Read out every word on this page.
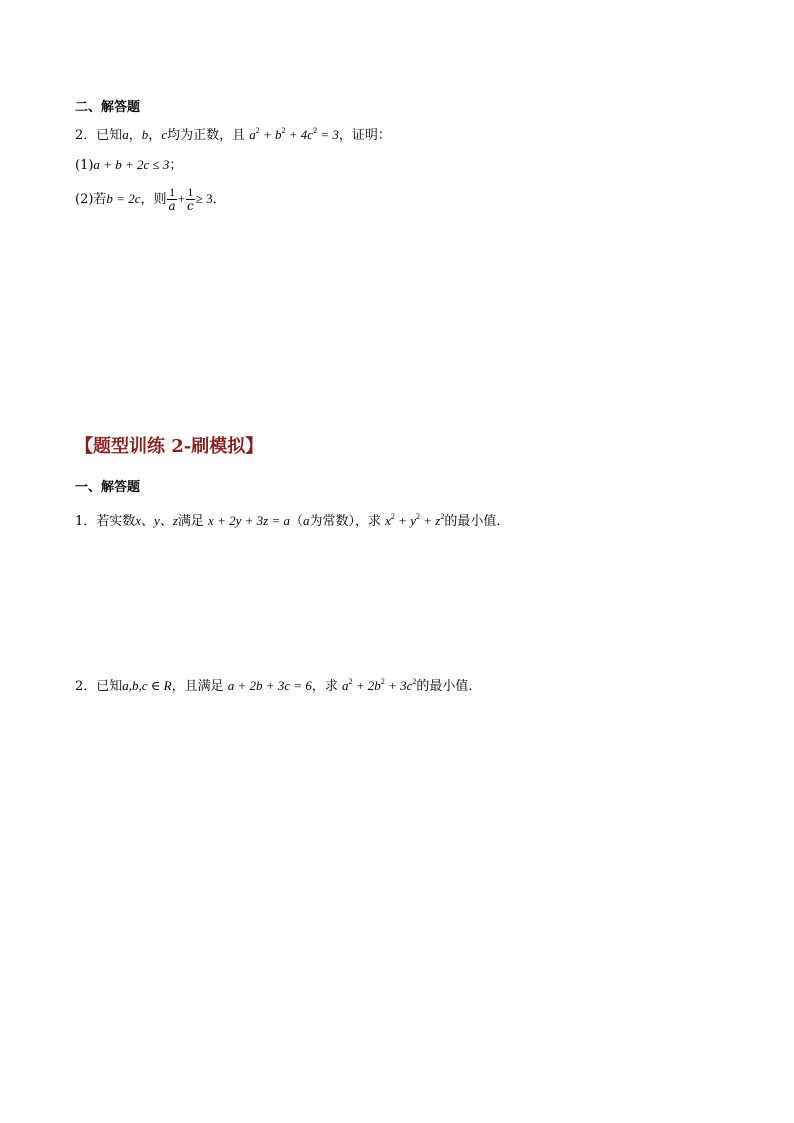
二、解答题
2．已知a，b，c均为正数，且 $a^2 + b^2 + 4c^2 = 3$，证明：
(1)a + b + 2c ≤ 3；
(2)若b = 2c，则 $\frac{1}{a} + \frac{1}{c} \ge 3$．
【题型训练 2-刷模拟】
一、解答题
1．若实数x、y、z满足 x + 2y + 3z = a（a为常数），求 $x^2 + y^2 + z^2$的最小值．
2．已知a,b,c ∈ R，且满足 a + 2b + 3c = 6，求 $a^2 + 2b^2 + 3c^2$的最小值．
